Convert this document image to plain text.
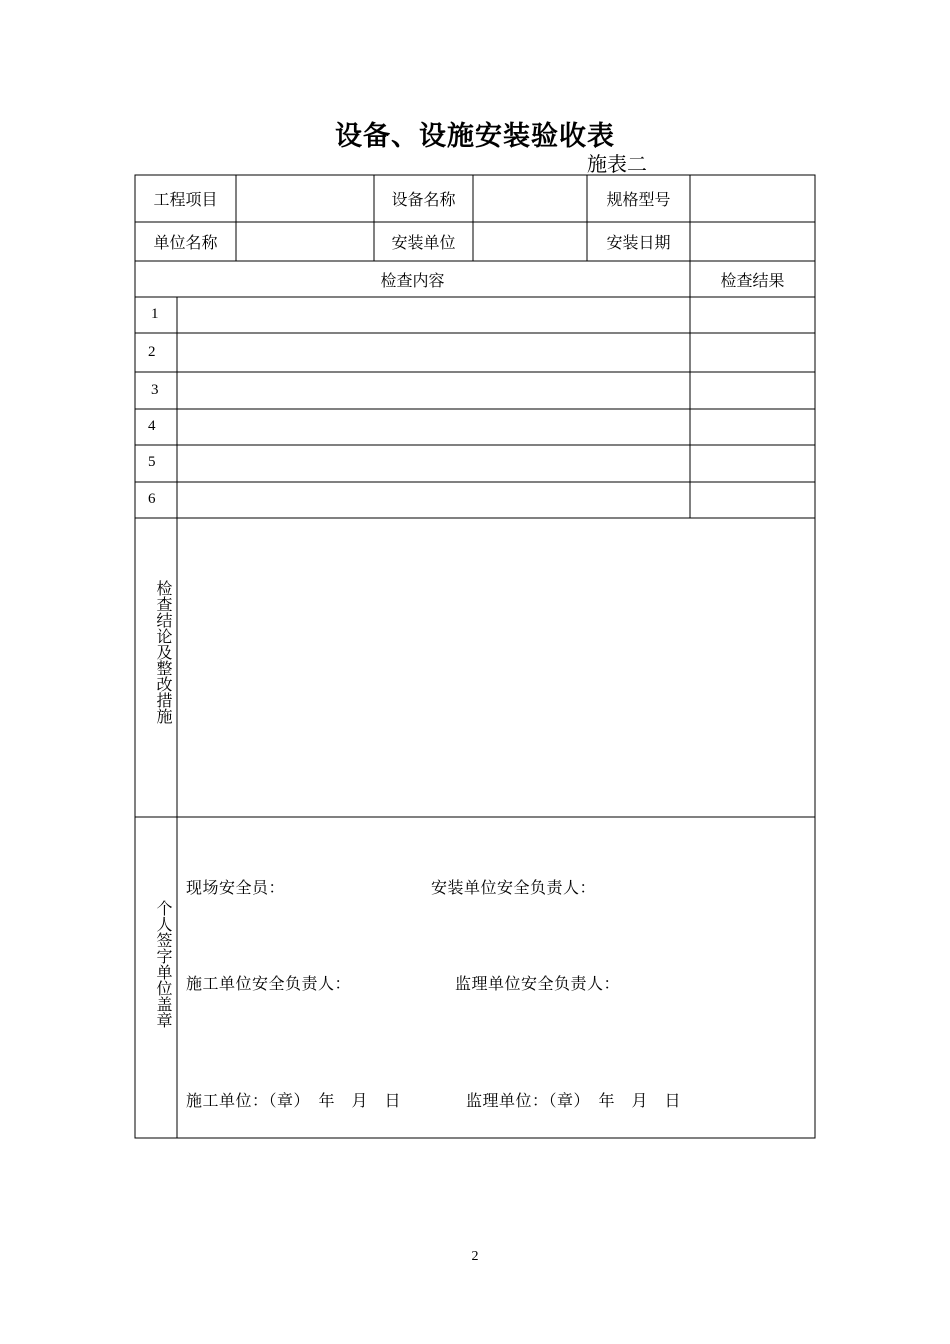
设备、设施安装验收表
施表二
工程项目	设备名称	规格型号
单位名称	安装单位	安装日期
检查内容	检查结果
1
2
3
4
5
6
检查结论及整改措施
个人签字单位盖章
现场安全员：	安装单位安全负责人：
施工单位安全负责人：	监理单位安全负责人：
施工单位：（章）　年　月　日	监理单位：（章）　年　月　日
2
